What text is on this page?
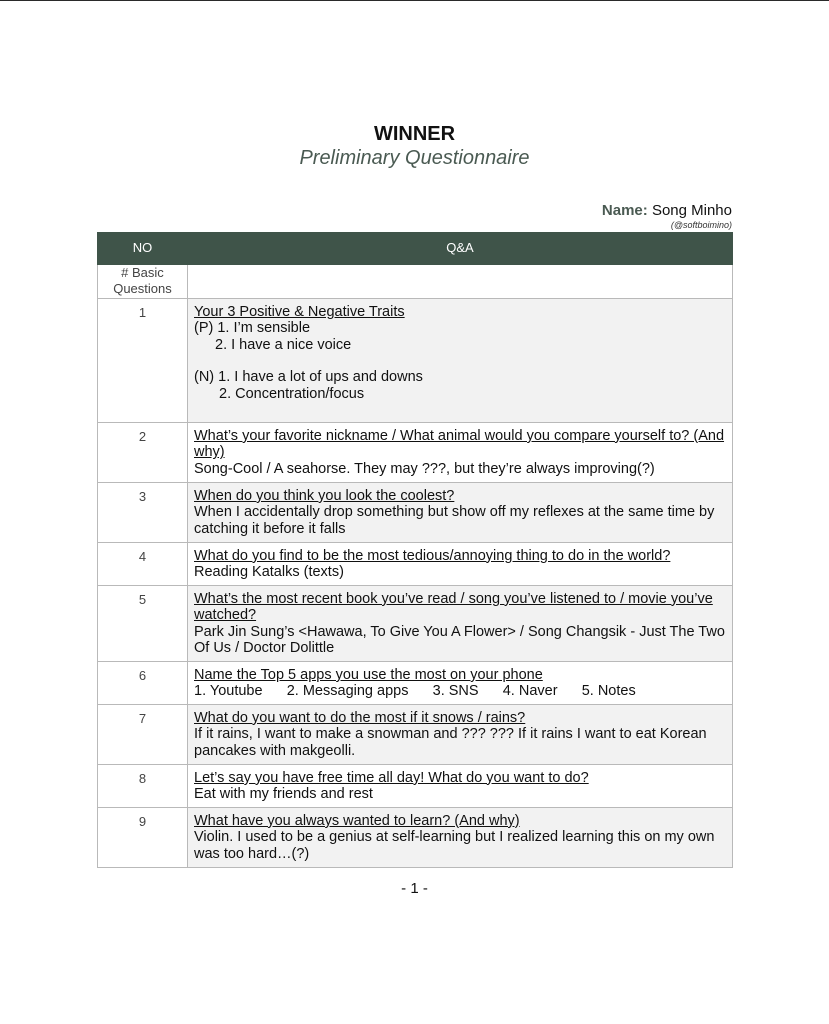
WINNER
Preliminary Questionnaire
Name: Song Minho
(@softboimino)
NO	Q&A
# Basic Questions	
1	Your 3 Positive & Negative Traits
(P) 1. I’m sensible
2. I have a nice voice
(N) 1. I have a lot of ups and downs
2. Concentration/focus

2	What’s your favorite nickname / What animal would you compare yourself to? (And why)
Song-Cool / A seahorse. They may ???, but they’re always improving(?)

3	When do you think you look the coolest?
When I accidentally drop something but show off my reflexes at the same time by catching it before it falls

4	What do you find to be the most tedious/annoying thing to do in the world?
Reading Katalks (texts)

5	What’s the most recent book you’ve read / song you’ve listened to / movie you’ve watched?
Park Jin Sung’s <Hawawa, To Give You A Flower> / Song Changsik - Just The Two Of Us / Doctor Dolittle

6	Name the Top 5 apps you use the most on your phone
1. Youtube 2. Messaging apps 3. SNS 4. Naver 5. Notes

7	What do you want to do the most if it snows / rains?
If it rains, I want to make a snowman and ??? ??? If it rains I want to eat Korean pancakes with makgeolli.

8	Let’s say you have free time all day! What do you want to do?
Eat with my friends and rest

9	What have you always wanted to learn? (And why)
Violin. I used to be a genius at self-learning but I realized learning this on my own was too hard…(?)
- 1 -
